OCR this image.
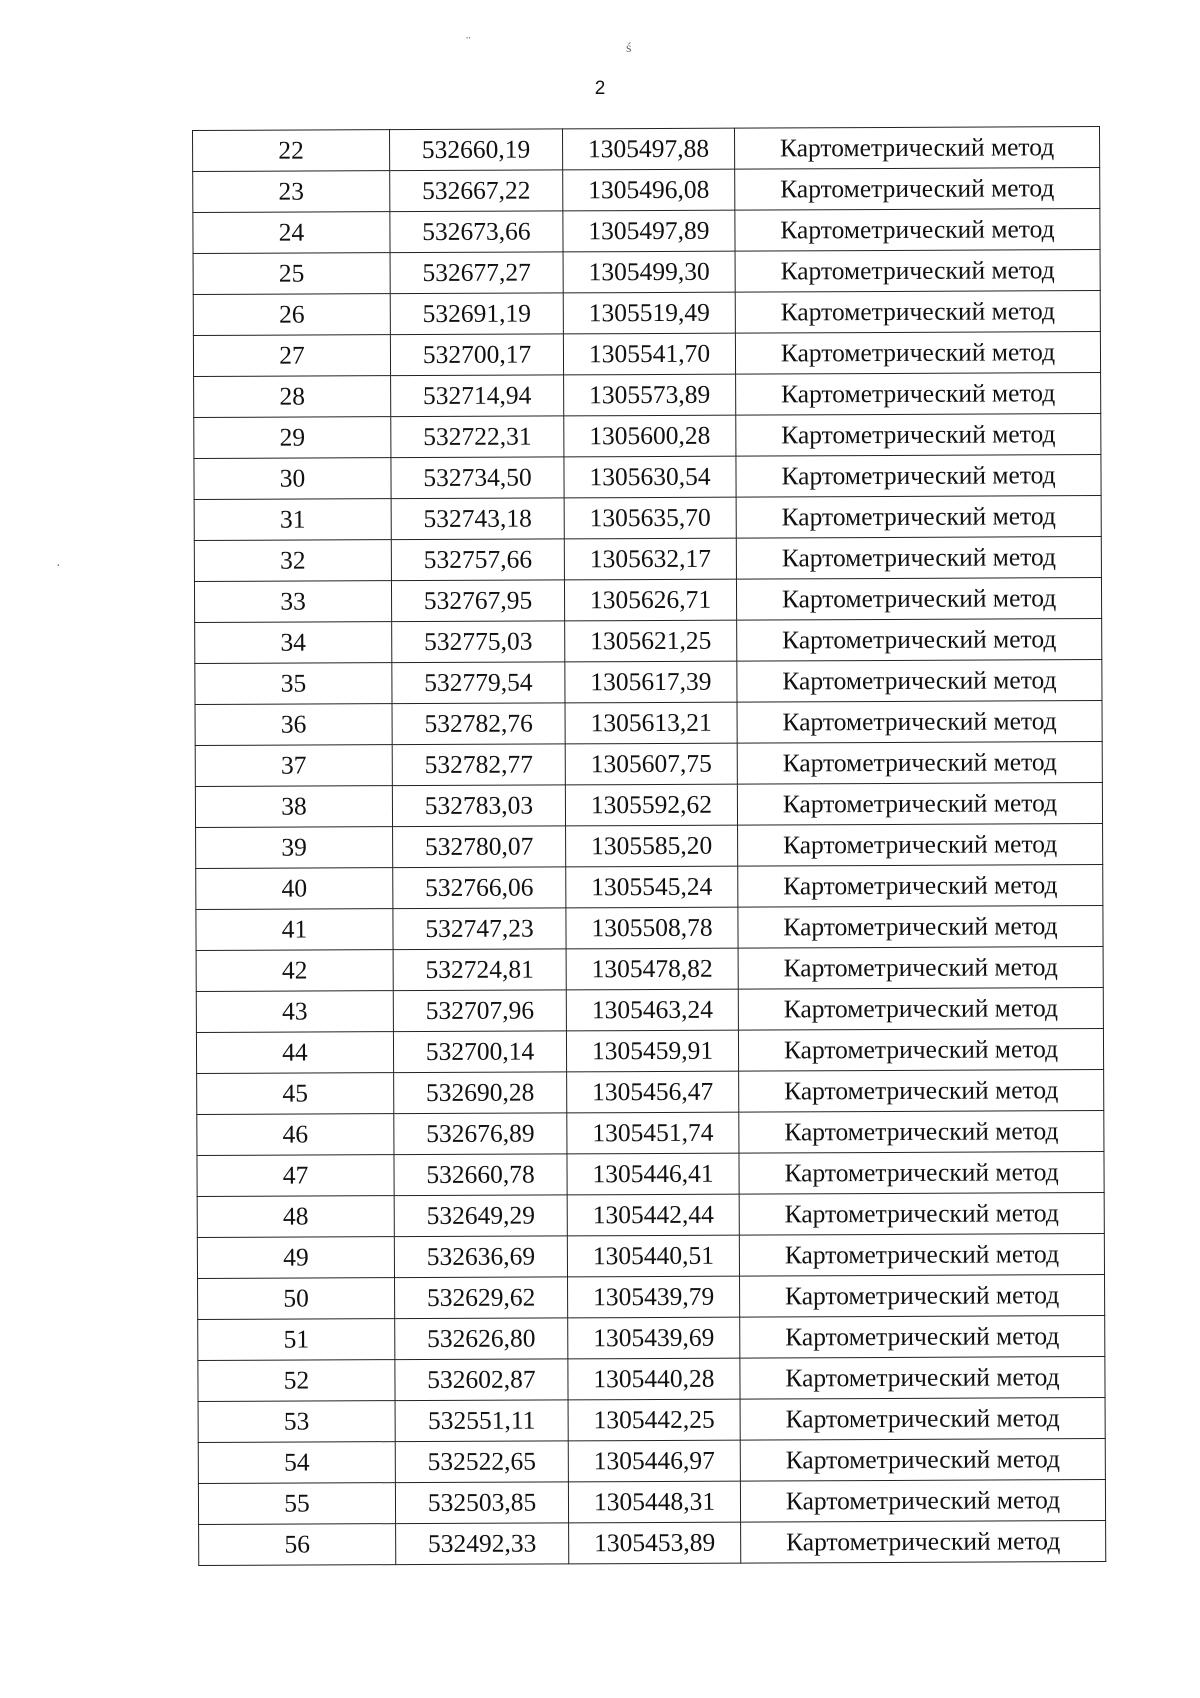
¨	ś
·
2
22	532660,19	1305497,88	Картометрический метод
23	532667,22	1305496,08	Картометрический метод
24	532673,66	1305497,89	Картометрический метод
25	532677,27	1305499,30	Картометрический метод
26	532691,19	1305519,49	Картометрический метод
27	532700,17	1305541,70	Картометрический метод
28	532714,94	1305573,89	Картометрический метод
29	532722,31	1305600,28	Картометрический метод
30	532734,50	1305630,54	Картометрический метод
31	532743,18	1305635,70	Картометрический метод
32	532757,66	1305632,17	Картометрический метод
33	532767,95	1305626,71	Картометрический метод
34	532775,03	1305621,25	Картометрический метод
35	532779,54	1305617,39	Картометрический метод
36	532782,76	1305613,21	Картометрический метод
37	532782,77	1305607,75	Картометрический метод
38	532783,03	1305592,62	Картометрический метод
39	532780,07	1305585,20	Картометрический метод
40	532766,06	1305545,24	Картометрический метод
41	532747,23	1305508,78	Картометрический метод
42	532724,81	1305478,82	Картометрический метод
43	532707,96	1305463,24	Картометрический метод
44	532700,14	1305459,91	Картометрический метод
45	532690,28	1305456,47	Картометрический метод
46	532676,89	1305451,74	Картометрический метод
47	532660,78	1305446,41	Картометрический метод
48	532649,29	1305442,44	Картометрический метод
49	532636,69	1305440,51	Картометрический метод
50	532629,62	1305439,79	Картометрический метод
51	532626,80	1305439,69	Картометрический метод
52	532602,87	1305440,28	Картометрический метод
53	532551,11	1305442,25	Картометрический метод
54	532522,65	1305446,97	Картометрический метод
55	532503,85	1305448,31	Картометрический метод
56	532492,33	1305453,89	Картометрический метод
